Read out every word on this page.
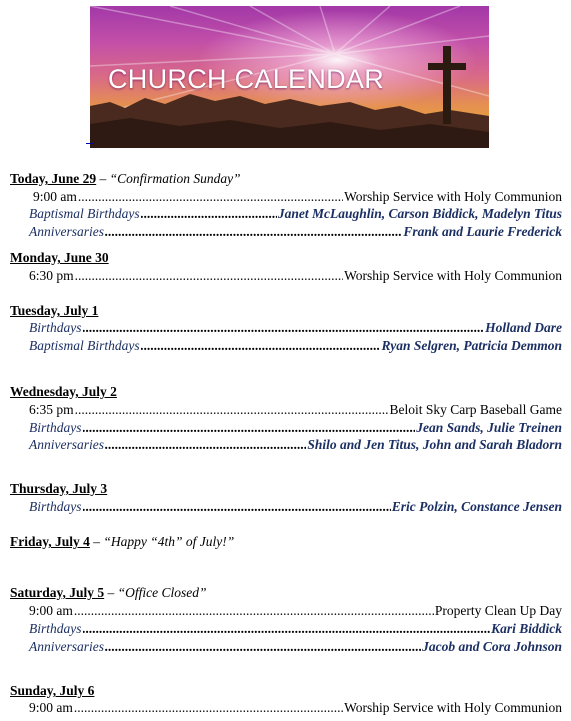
CHURCH CALENDAR
Today, June 29 – “Confirmation Sunday”
9:00 am .....	Worship Service with Holy Communion
Baptismal Birthdays .....	Janet McLaughlin, Carson Biddick, Madelyn Titus
Anniversaries .....	Frank and Laurie Frederick
Monday, June 30
6:30 pm .....	Worship Service with Holy Communion
Tuesday, July 1
Birthdays .....	Holland Dare
Baptismal Birthdays .....	Ryan Selgren, Patricia Demmon
Wednesday, July 2
6:35 pm .....	Beloit Sky Carp Baseball Game
Birthdays .....	Jean Sands, Julie Treinen
Anniversaries .....	Shilo and Jen Titus, John and Sarah Bladorn
Thursday, July 3
Birthdays .....	Eric Polzin, Constance Jensen
Friday, July 4 – “Happy “4th” of July!”
Saturday, July 5 – “Office Closed”
9:00 am .....	Property Clean Up Day
Birthdays .....	Kari Biddick
Anniversaries .....	Jacob and Cora Johnson
Sunday, July 6
9:00 am .....	Worship Service with Holy Communion
